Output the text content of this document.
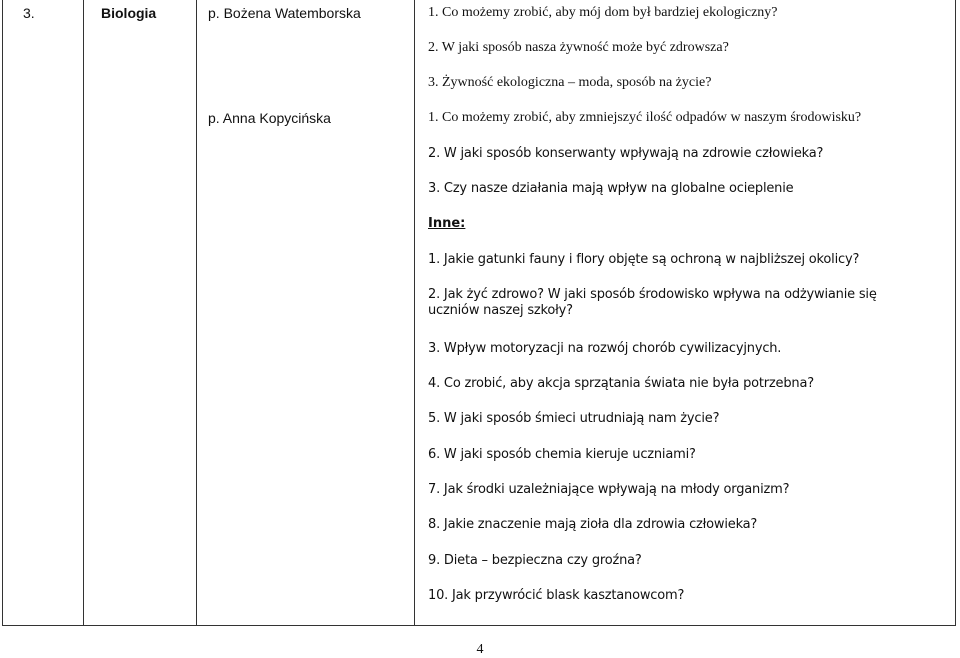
3.	Biologia	p. Bożena Watemborska
p. Anna Kopycińska
1. Co możemy zrobić, aby mój dom był bardziej ekologiczny?
2. W jaki sposób nasza żywność może być zdrowsza?
3. Żywność ekologiczna – moda, sposób na życie?
1. Co możemy zrobić, aby zmniejszyć ilość odpadów w naszym środowisku?
2. W jaki sposób konserwanty wpływają na zdrowie człowieka?
3. Czy nasze działania mają wpływ na globalne ocieplenie
Inne:
1. Jakie gatunki fauny i flory objęte są ochroną w najbliższej okolicy?
2. Jak żyć zdrowo? W jaki sposób środowisko wpływa na odżywianie się uczniów naszej szkoły?
3. Wpływ motoryzacji na rozwój chorób cywilizacyjnych.
4. Co zrobić, aby akcja sprzątania świata nie była potrzebna?
5. W jaki sposób śmieci utrudniają nam życie?
6. W jaki sposób chemia kieruje uczniami?
7. Jak środki uzależniające wpływają na młody organizm?
8. Jakie znaczenie mają zioła dla zdrowia człowieka?
9. Dieta – bezpieczna czy groźna?
10. Jak przywrócić blask kasztanowcom?
4
